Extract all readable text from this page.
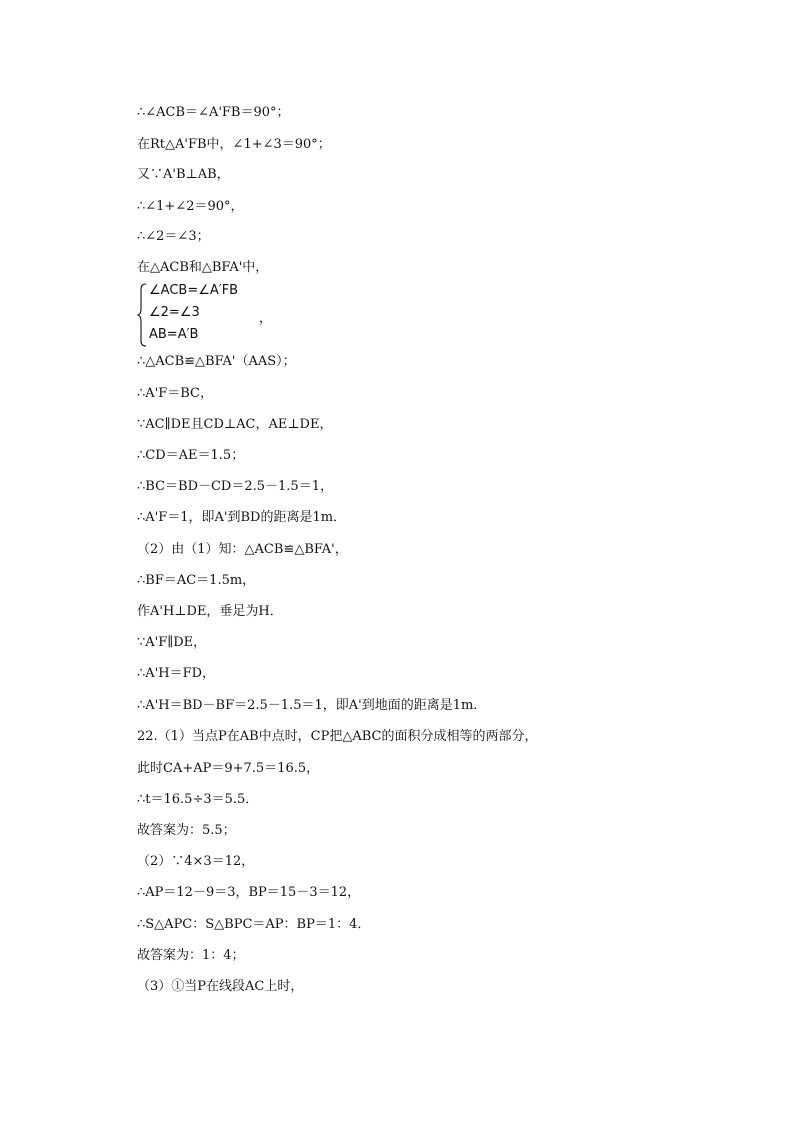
∴∠ACB＝∠A'FB＝90°；
在Rt△A'FB中，∠1+∠3＝90°；
又∵A'B⊥AB，
∴∠1+∠2＝90°，
∴∠2＝∠3；
在△ACB和△BFA'中，
∠ACB=∠A′FB
∠2=∠3
AB=A′B
，
∴△ACB≌△BFA'（AAS）；
∴A'F＝BC，
∵AC∥DE且CD⊥AC，AE⊥DE，
∴CD＝AE＝1.5；
∴BC＝BD－CD＝2.5－1.5＝1，
∴A'F＝1，即A'到BD的距离是1m．
（2）由（1）知：△ACB≌△BFA'，
∴BF＝AC＝1.5m，
作A'H⊥DE，垂足为H．
∵A'F∥DE，
∴A'H＝FD，
∴A'H＝BD－BF＝2.5－1.5＝1，即A'到地面的距离是1m．
22.（1）当点P在AB中点时，CP把△ABC的面积分成相等的两部分，
此时CA+AP＝9+7.5＝16.5，
∴t＝16.5÷3＝5.5．
故答案为：5.5；
（2）∵4×3＝12，
∴AP＝12－9＝3，BP＝15－3＝12，
∴S△APC：S△BPC＝AP：BP＝1：4．
故答案为：1：4；
（3）①当P在线段AC上时，
